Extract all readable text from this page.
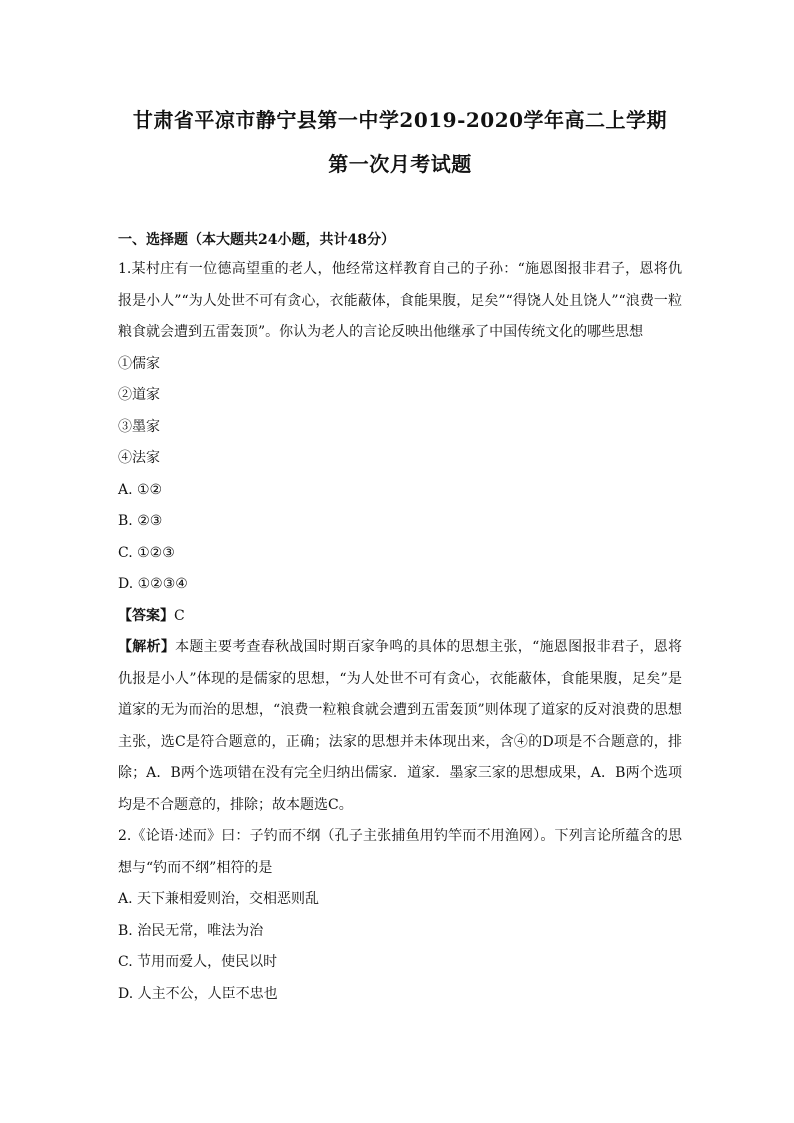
甘肃省平凉市静宁县第一中学2019-2020学年高二上学期
第一次月考试题
一、选择题（本大题共24小题，共计48分）

1.某村庄有一位德高望重的老人，他经常这样教育自己的子孙：“施恩图报非君子，恩将仇报是小人”“为人处世不可有贪心，衣能蔽体，食能果腹，足矣”“得饶人处且饶人”“浪费一粒粮食就会遭到五雷轰顶”。你认为老人的言论反映出他继承了中国传统文化的哪些思想

①儒家

②道家

③墨家

④法家

A. ①②

B. ②③

C. ①②③

D. ①②③④

【答案】C

【解析】本题主要考查春秋战国时期百家争鸣的具体的思想主张，“施恩图报非君子，恩将仇报是小人”体现的是儒家的思想，“为人处世不可有贪心，衣能蔽体，食能果腹，足矣”是道家的无为而治的思想，“浪费一粒粮食就会遭到五雷轰顶”则体现了道家的反对浪费的思想主张，选C是符合题意的，正确；法家的思想并未体现出来，含④的D项是不合题意的，排除；A．B两个选项错在没有完全归纳出儒家．道家．墨家三家的思想成果，A．B两个选项均是不合题意的，排除；故本题选C。

2.《论语·述而》曰：子钓而不纲（孔子主张捕鱼用钓竿而不用渔网）。下列言论所蕴含的思想与“钓而不纲”相符的是

A. 天下兼相爱则治，交相恶则乱

B. 治民无常，唯法为治

C. 节用而爱人，使民以时

D. 人主不公，人臣不忠也
